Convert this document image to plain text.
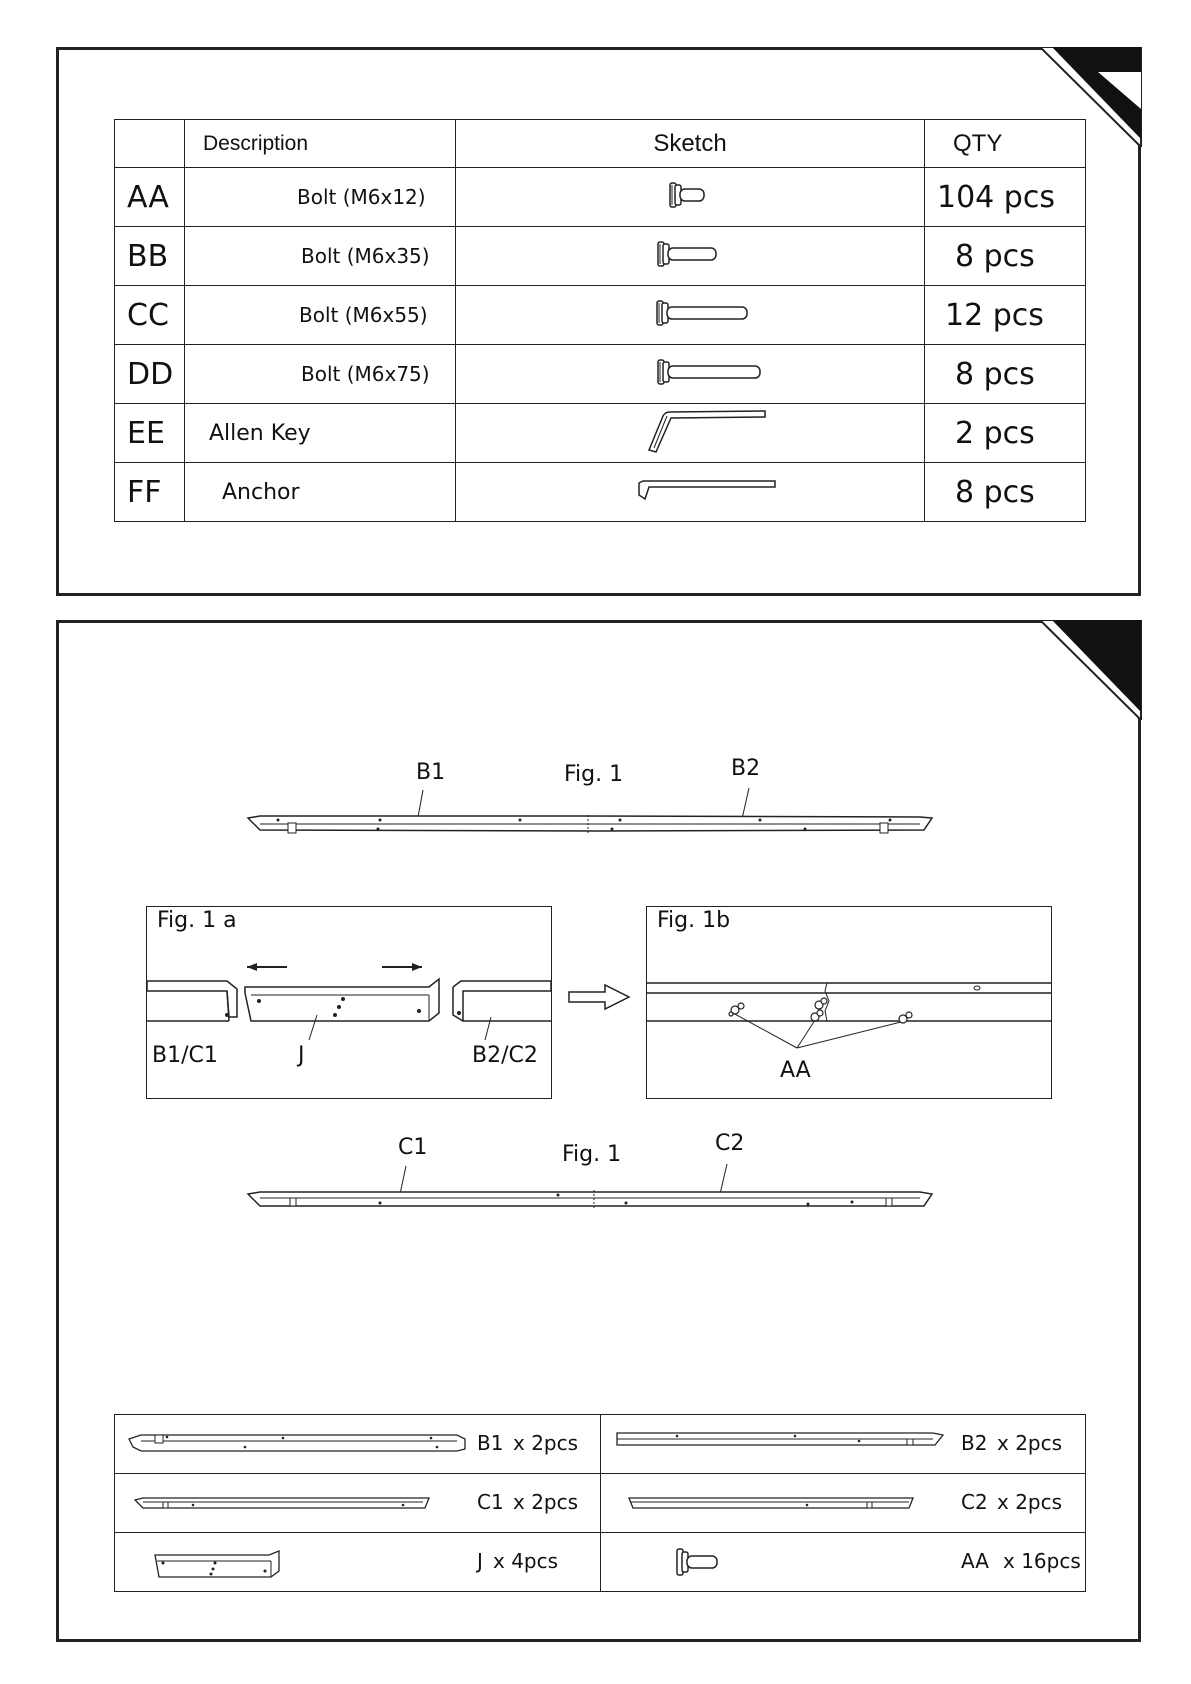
	Description	Sketch	QTY
AA	Bolt (M6x12)		104 pcs
BB	Bolt (M6x35)		8 pcs
CC	Bolt (M6x55)		12 pcs
DD	Bolt (M6x75)		8 pcs
EE	Allen Key		2 pcs
FF	Anchor		8 pcs
Fig. 1
B1	B2
Fig. 1 a
B1/C1	J	B2/C2
Fig. 1b
AA
Fig. 1
C1	C2
B1 x 2pcs	B2 x 2pcs

C1 x 2pcs	C2 x 2pcs

J x 4pcs	AA x 16pcs
